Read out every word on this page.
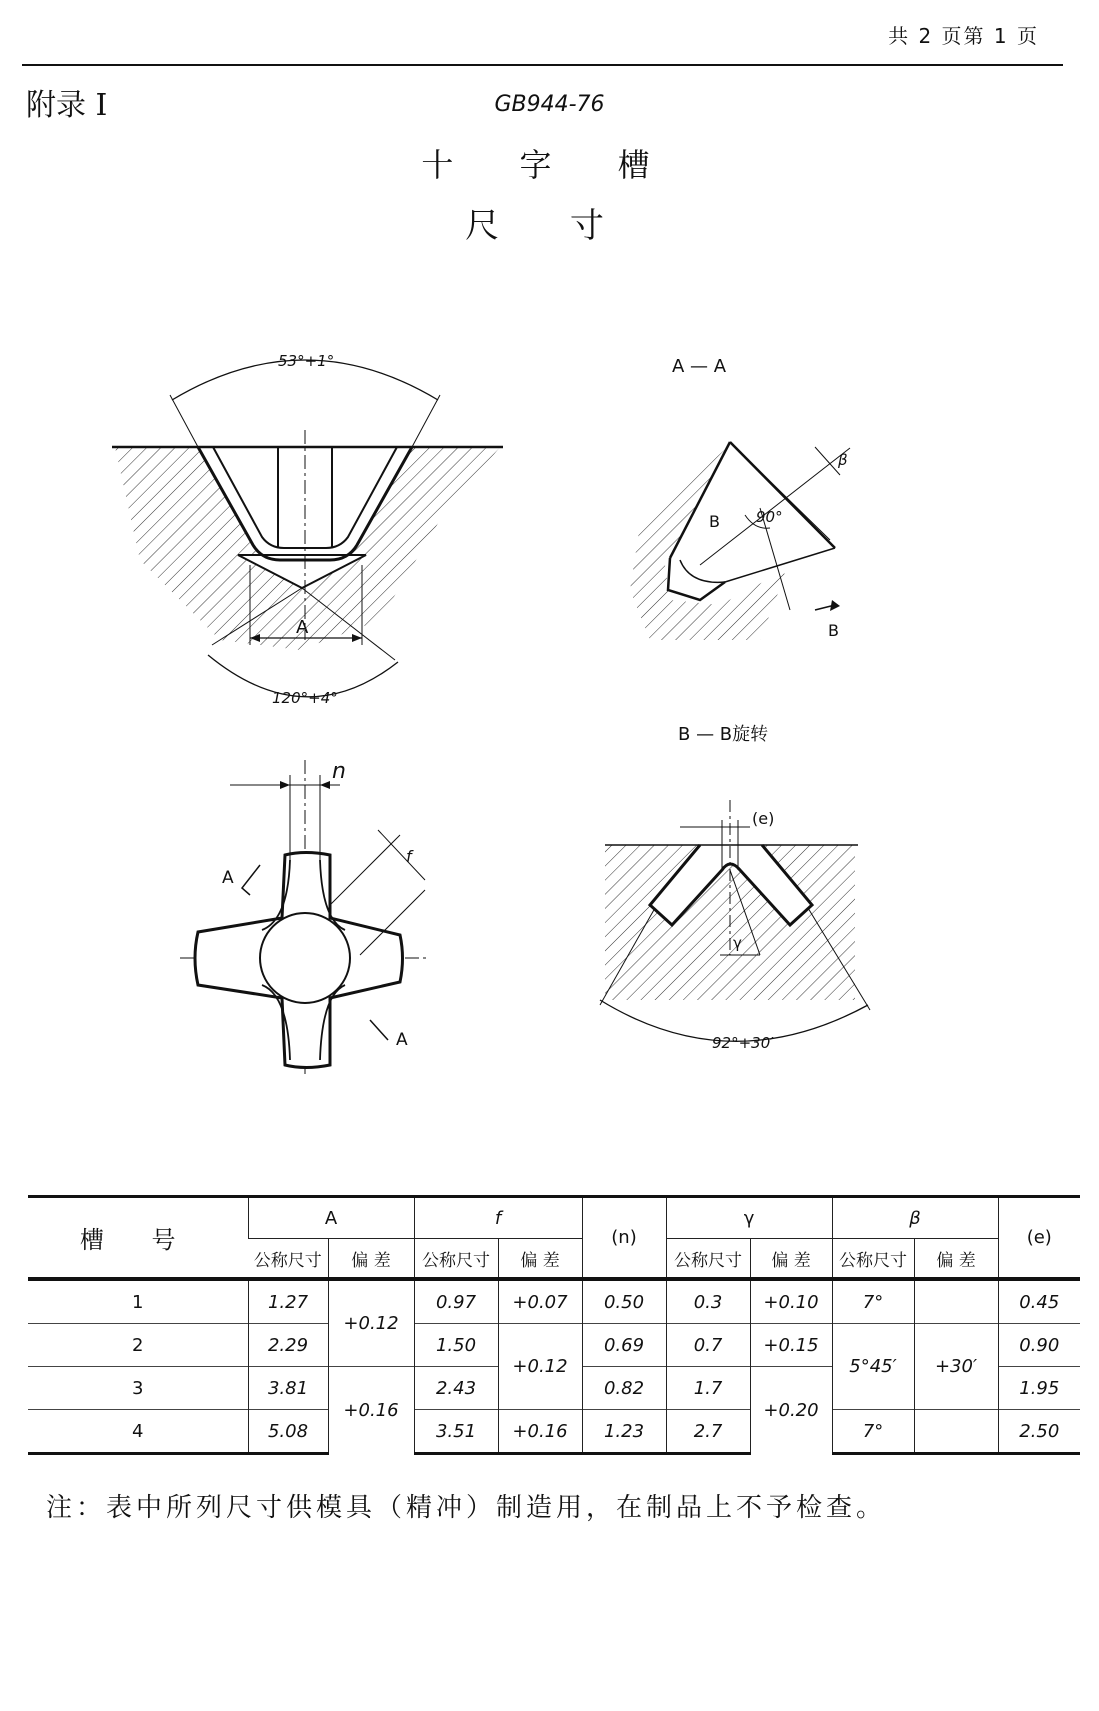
共 2 页第 1 页
附录 I	GB944-76
十 字 槽
尺 寸
53°+1°
A
120°+4°
A — A
β
B 90°
B
n
f
A
A
B — B旋转
(e)
γ
92°+30′
槽 号	A		f		(n)	γ		β		(e)
	公称尺寸	偏 差	公称尺寸	偏 差		公称尺寸	偏 差	公称尺寸	偏 差	
1	1.27	+0.12	0.97	+0.07	0.50	0.3	+0.10	7°		0.45
2	2.29		1.50	+0.12	0.69	0.7	+0.15	5°45′	+30′	0.90
3	3.81	+0.16	2.43		0.82	1.7	+0.20			1.95
4	5.08		3.51	+0.16	1.23	2.7		7°		2.50
注：表中所列尺寸供模具（精冲）制造用，在制品上不予检查。
